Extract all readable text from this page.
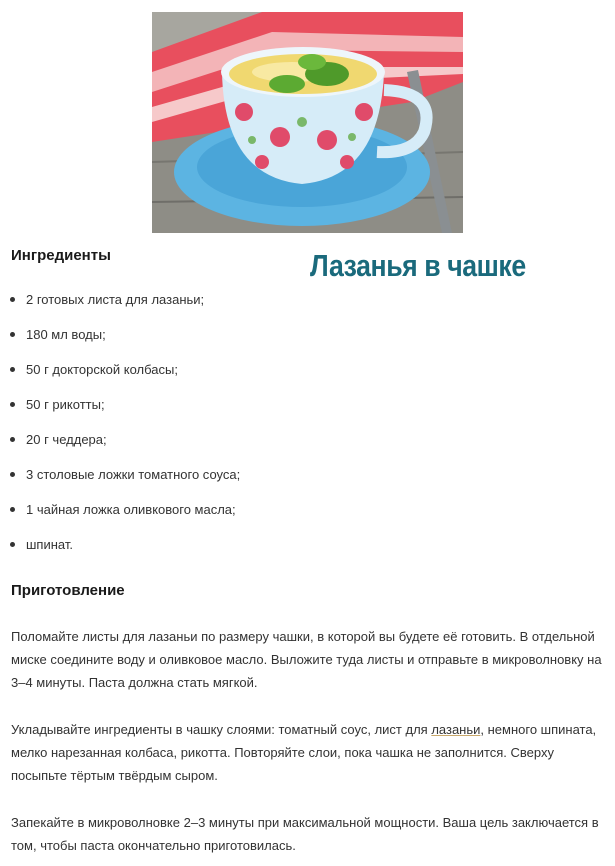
Лазанья в чашке
Ингредиенты
2 готовых листа для лазаньи;
180 мл воды;
50 г докторской колбасы;
50 г рикотты;
20 г чеддера;
3 столовые ложки томатного соуса;
1 чайная ложка оливкового масла;
шпинат.
Приготовление

Поломайте листы для лазаньи по размеру чашки, в которой вы будете её готовить. В отдельной миске соедините воду и оливковое масло. Выложите туда листы и отправьте в микроволновку на 3–4 минуты. Паста должна стать мягкой.

Укладывайте ингредиенты в чашку слоями: томатный соус, лист для лазаньи, немного шпината, мелко нарезанная колбаса, рикотта. Повторяйте слои, пока чашка не заполнится. Сверху посыпьте тёртым твёрдым сыром.

Запекайте в микроволновке 2–3 минуты при максимальной мощности. Ваша цель заключается в том, чтобы паста окончательно приготовилась.
